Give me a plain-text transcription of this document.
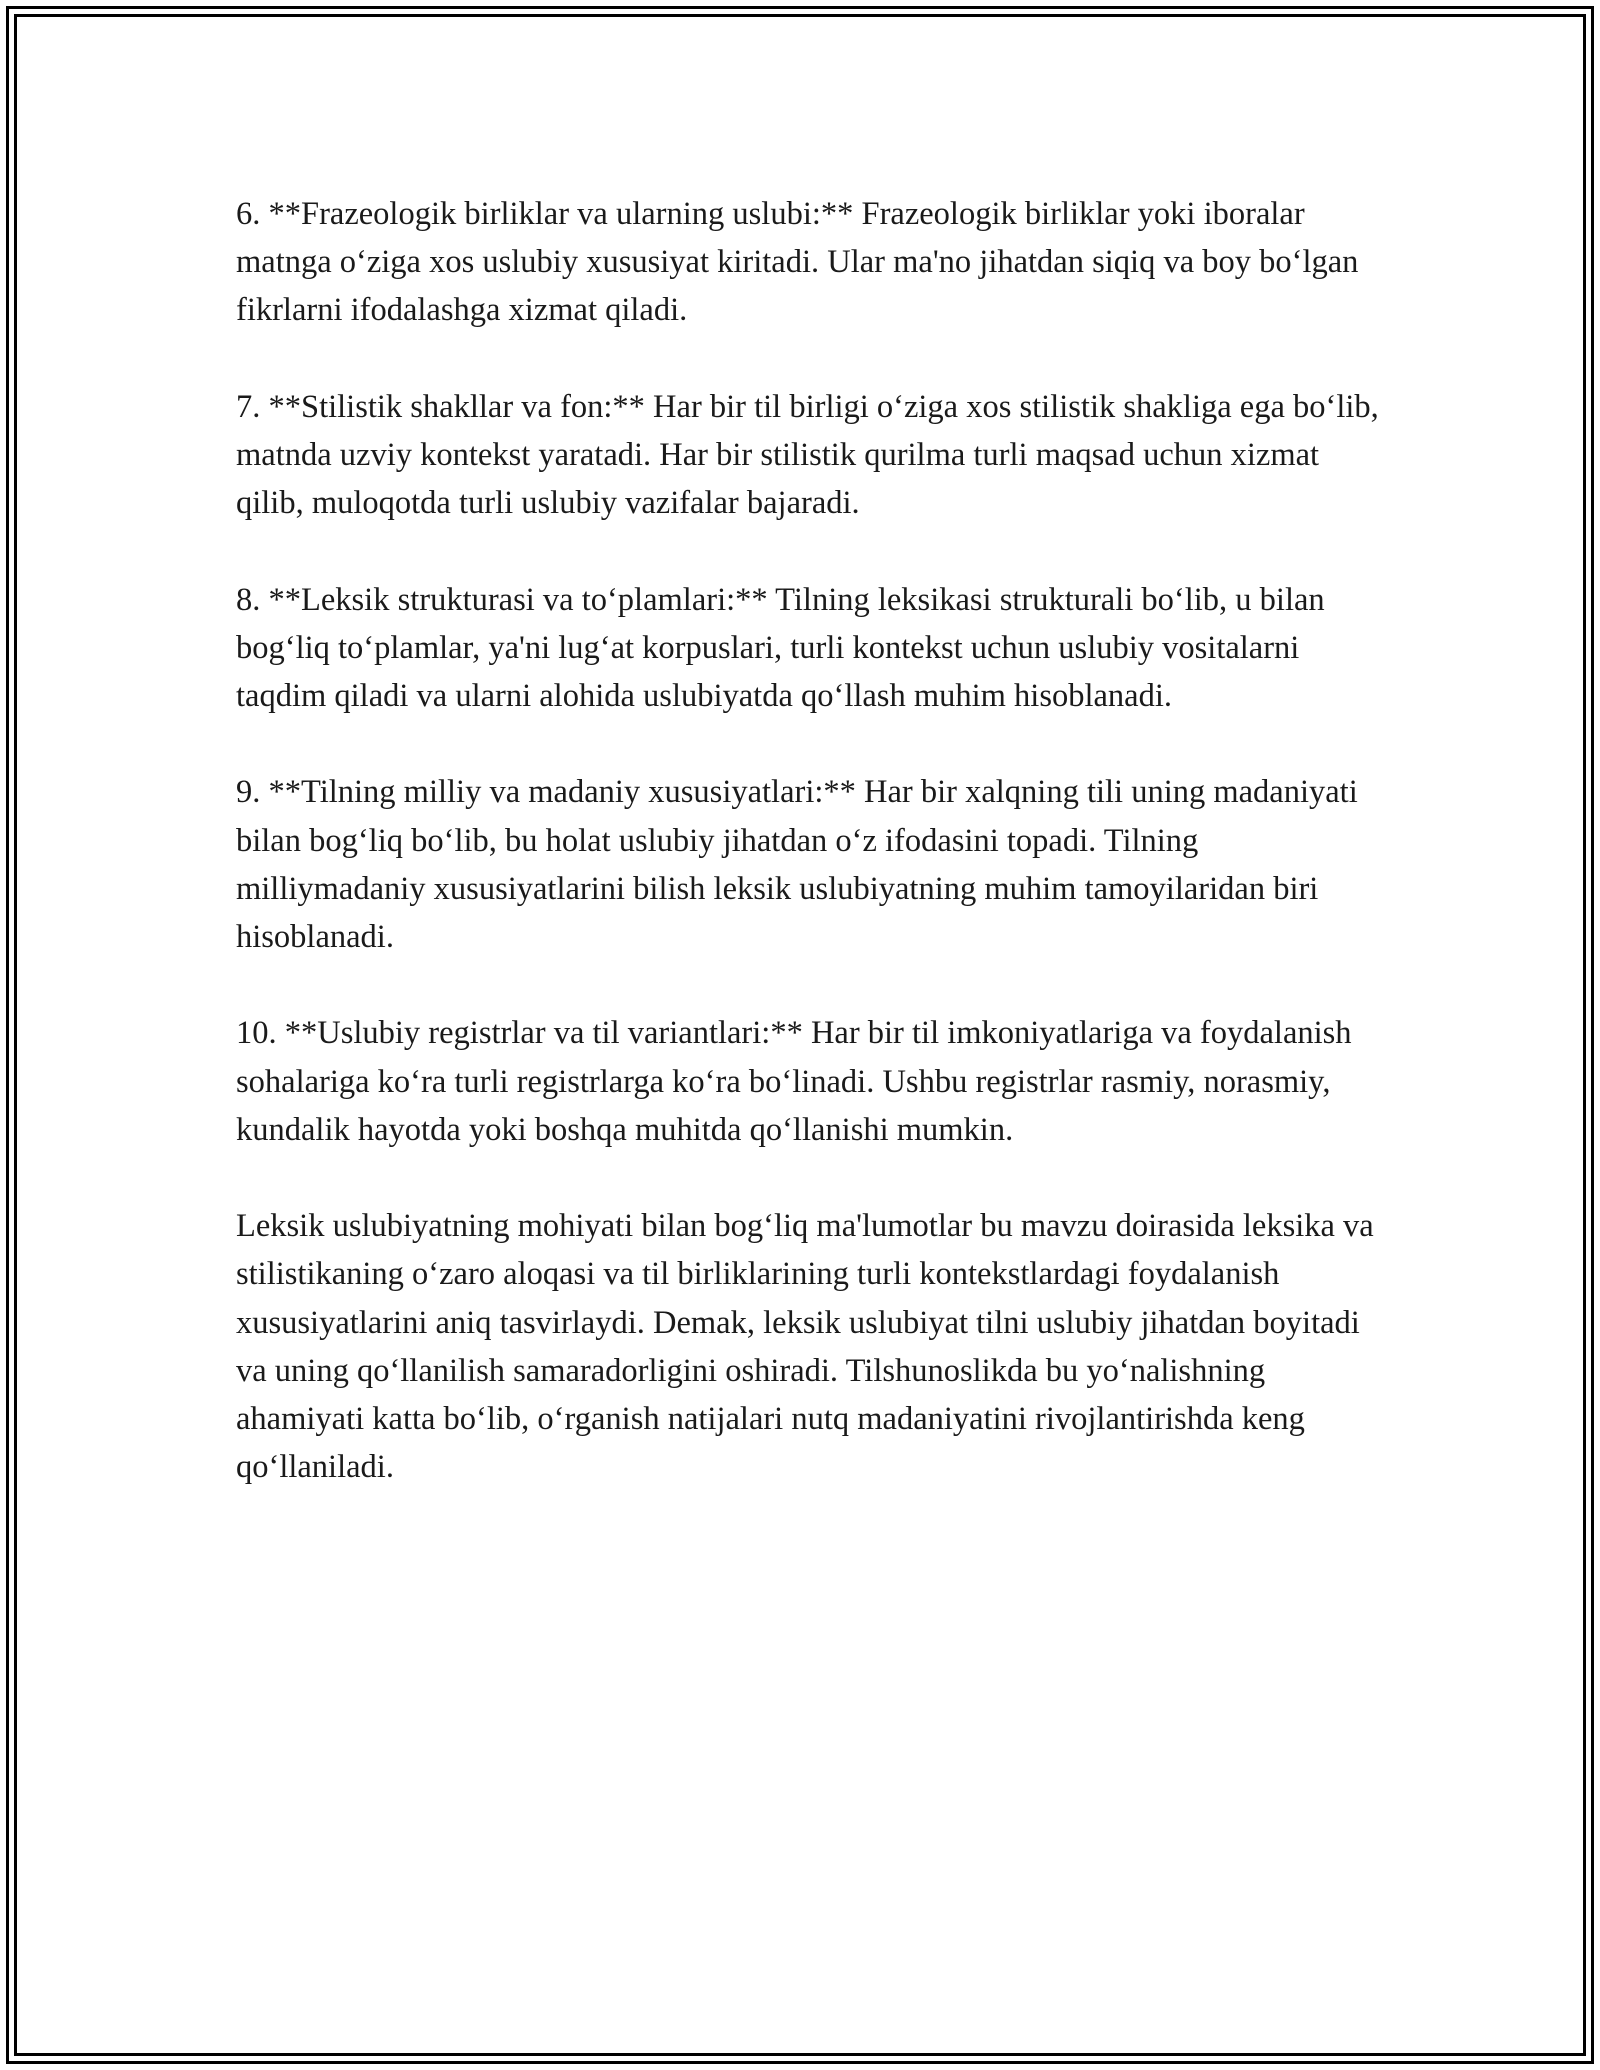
6. **Frazeologik birliklar va ularning uslubi:** Frazeologik birliklar yoki iboralar matnga o‘ziga xos uslubiy xususiyat kiritadi. Ular ma'no jihatdan siqiq va boy bo‘lgan fikrlarni ifodalashga xizmat qiladi.

7. **Stilistik shakllar va fon:** Har bir til birligi o‘ziga xos stilistik shakliga ega bo‘lib, matnda uzviy kontekst yaratadi. Har bir stilistik qurilma turli maqsad uchun xizmat qilib, muloqotda turli uslubiy vazifalar bajaradi.

8. **Leksik strukturasi va to‘plamlari:** Tilning leksikasi strukturali bo‘lib, u bilan bog‘liq to‘plamlar, ya'ni lug‘at korpuslari, turli kontekst uchun uslubiy vositalarni taqdim qiladi va ularni alohida uslubiyatda qo‘llash muhim hisoblanadi.

9. **Tilning milliy va madaniy xususiyatlari:** Har bir xalqning tili uning madaniyati bilan bog‘liq bo‘lib, bu holat uslubiy jihatdan o‘z ifodasini topadi. Tilning milliymadaniy xususiyatlarini bilish leksik uslubiyatning muhim tamoyilaridan biri hisoblanadi.

10. **Uslubiy registrlar va til variantlari:** Har bir til imkoniyatlariga va foydalanish sohalariga ko‘ra turli registrlarga ko‘ra bo‘linadi. Ushbu registrlar rasmiy, norasmiy, kundalik hayotda yoki boshqa muhitda qo‘llanishi mumkin.

Leksik uslubiyatning mohiyati bilan bog‘liq ma'lumotlar bu mavzu doirasida leksika va stilistikaning o‘zaro aloqasi va til birliklarining turli kontekstlardagi foydalanish xususiyatlarini aniq tasvirlaydi. Demak, leksik uslubiyat tilni uslubiy jihatdan boyitadi va uning qo‘llanilish samaradorligini oshiradi. Tilshunoslikda bu yo‘nalishning ahamiyati katta bo‘lib, o‘rganish natijalari nutq madaniyatini rivojlantirishda keng qo‘llaniladi.
